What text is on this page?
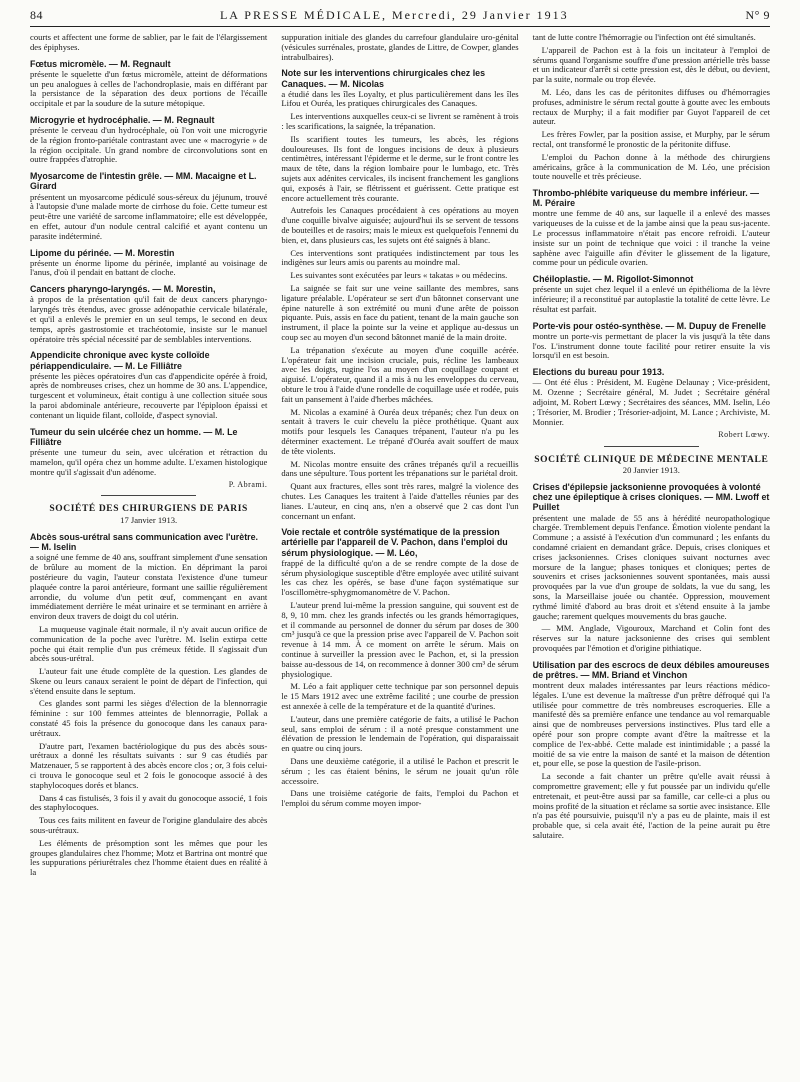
84	LA PRESSE MÉDICALE, Mercredi, 29 Janvier 1913	N° 9

courts et affectent une forme de sablier, par le fait de l'élargissement des épiphyses.

Fœtus micromèle. — M. Regnault

présente le squelette d'un fœtus micromèle, atteint de déformations un peu analogues à celles de l'achondroplasie, mais en différant par la persistance de la séparation des deux portions de l'écaille occipitale et par la soudure de la suture métopique.

Microgyrie et hydrocéphalie. — M. Regnault

présente le cerveau d'un hydrocéphale, où l'on voit une microgyrie de la région fronto-pariétale contrastant avec une « macrogyrie » de la région occipitale. Un grand nombre de circonvolutions sont en outre frappées d'atrophie.

Myosarcome de l'intestin grêle. — MM. Macaigne et L. Girard

présentent un myosarcome pédiculé sous-séreux du jéjunum, trouvé à l'autopsie d'une malade morte de cirrhose du foie. Cette tumeur est peut-être une variété de sarcome inflammatoire; elle est développée, en effet, autour d'un nodule central calcifié et ayant contenu un parasite indéterminé.

Lipome du périnée. — M. Morestin

présente un énorme lipome du périnée, implanté au voisinage de l'anus, d'où il pendait en battant de cloche.

Cancers pharyngo-laryngés. — M. Morestin,

à propos de la présentation qu'il fait de deux cancers pharyngo-laryngés très étendus, avec grosse adénopathie cervicale bilatérale, et qu'il a enlevés le premier en un seul temps, le second en deux temps, après gastrostomie et trachéotomie, insiste sur le manuel opératoire très spécial nécessité par de semblables interventions.

Appendicite chronique avec kyste colloïde périappendiculaire. — M. Le Filliâtre

présente les pièces opératoires d'un cas d'appendicite opérée à froid, après de nombreuses crises, chez un homme de 30 ans. L'appendice, turgescent et volumineux, était contigu à une collection située sous la paroi abdominale antérieure, recouverte par l'épiploon épaissi et contenant un liquide filant, colloïde, d'aspect synovial.

Tumeur du sein ulcérée chez un homme. — M. Le Filliâtre

présente une tumeur du sein, avec ulcération et rétraction du mamelon, qu'il opéra chez un homme adulte. L'examen histologique montre qu'il s'agissait d'un adénome.

P. Abrami.
SOCIÉTÉ DES CHIRURGIENS DE PARIS
17 Janvier 1913.
Abcès sous-urétral sans communication avec l'urètre. — M. Iselin

a soigné une femme de 40 ans, souffrant simplement d'une sensation de brûlure au moment de la miction. En déprimant la paroi postérieure du vagin, l'auteur constata l'existence d'une tumeur plaquée contre la paroi antérieure, formant une saillie régulièrement arrondie, du volume d'un petit œuf, commençant en avant immédiatement derrière le méat urinaire et se terminant en arrière à environ deux travers de doigt du col utérin.

La muqueuse vaginale était normale, il n'y avait aucun orifice de communication de la poche avec l'urètre. M. Iselin extirpa cette poche qui était remplie d'un pus crémeux fétide. Il s'agissait d'un abcès sous-urétral.

L'auteur fait une étude complète de la question. Les glandes de Skene ou leurs canaux seraient le point de départ de l'infection, qui s'étend ensuite dans le septum.

Ces glandes sont parmi les sièges d'élection de la blennorragie féminine : sur 100 femmes atteintes de blennorragie, Pollak a constaté 45 fois la présence du gonocoque dans les canaux para-urétraux.

D'autre part, l'examen bactériologique du pus des abcès sous-urétraux a donné les résultats suivants : sur 9 cas étudiés par Matzenauer, 5 se rapportent à des abcès encore clos ; or, 3 fois celui-ci trouva le gonocoque seul et 2 fois le gonocoque associé à des staphylocoques dorés et blancs.

Dans 4 cas fistulisés, 3 fois il y avait du gonocoque associé, 1 fois des staphylocoques.

Tous ces faits militent en faveur de l'origine glandulaire des abcès sous-urétraux.

Les éléments de présomption sont les mêmes que pour les groupes glandulaires chez l'homme; Motz et Bartrina ont montré que les suppurations périurétrales chez l'homme étaient dues en réalité à la

suppuration initiale des glandes du carrefour glandulaire uro-génital (vésicules surrénales, prostate, glandes de Littre, de Cowper, glandes intrabulbaires).

Note sur les interventions chirurgicales chez les Canaques. — M. Nicolas

a étudié dans les îles Loyalty, et plus particulièrement dans les îles Lifou et Ouréa, les pratiques chirurgicales des Canaques.

Les interventions auxquelles ceux-ci se livrent se ramènent à trois : les scarifications, la saignée, la trépanation.

Ils scarifient toutes les tumeurs, les abcès, les régions douloureuses. Ils font de longues incisions de deux à plusieurs centimètres, intéressant l'épiderme et le derme, sur le front contre les maux de tête, dans la région lombaire pour le lumbago, etc. Très sujets aux adénites cervicales, ils incisent franchement les ganglions qui, exposés à l'air, se flétrissent et guérissent. Cette pratique est encore actuellement très courante.

Autrefois les Canaques procédaient à ces opérations au moyen d'une coquille bivalve aiguisée; aujourd'hui ils se servent de tessons de bouteilles et de rasoirs; mais le mieux est quelquefois l'ennemi du bien, et, dans plusieurs cas, les sujets ont été saignés à blanc.

Ces interventions sont pratiquées indistinctement par tous les indigènes sur leurs amis ou parents au moindre mal.

Les suivantes sont exécutées par leurs « takatas » ou médecins.

La saignée se fait sur une veine saillante des membres, sans ligature préalable. L'opérateur se sert d'un bâtonnet conservant une épine naturelle à son extrémité ou muni d'une arête de poisson piquante. Puis, assis en face du patient, tenant de la main gauche son instrument, il place la pointe sur la veine et applique au-dessus un coup sec au moyen d'un second bâtonnet manié de la main droite.

La trépanation s'exécute au moyen d'une coquille acérée. L'opérateur fait une incision cruciale, puis, récline les lambeaux avec les doigts, rugine l'os au moyen d'un coquillage coupant et aiguisé. L'opérateur, quand il a mis à nu les enveloppes du cerveau, obture le trou à l'aide d'une rondelle de coquillage usée et rodée, puis fait un pansement à l'aide d'herbes mâchées.

M. Nicolas a examiné à Ouréa deux trépanés; chez l'un deux on sentait à travers le cuir chevelu la pièce prothétique. Quant aux motifs pour lesquels les Canaques trépanent, l'auteur n'a pu les déterminer exactement. Le trépané d'Ouréa avait souffert de maux de tête violents.

M. Nicolas montre ensuite des crânes trépanés qu'il a recueillis dans une sépulture. Tous portent les trépanations sur le pariétal droit.

Quant aux fractures, elles sont très rares, malgré la violence des chutes. Les Canaques les traitent à l'aide d'attelles réunies par des lianes. L'auteur, en cinq ans, n'en a observé que 2 cas dont l'un concernant un enfant.

Voie rectale et contrôle systématique de la pression artérielle par l'appareil de V. Pachon, dans l'emploi du sérum physiologique. — M. Léo,

frappé de la difficulté qu'on a de se rendre compte de la dose de sérum physiologique susceptible d'être employée avec utilité suivant les cas chez les opérés, se base d'une façon systématique sur l'oscillomètre-sphygmomanomètre de V. Pachon.

L'auteur prend lui-même la pression sanguine, qui souvent est de 8, 9, 10 mm. chez les grands infectés ou les grands hémorragiques, et il commande au personnel de donner du sérum par doses de 300 cm³ jusqu'à ce que la pression prise avec l'appareil de V. Pachon soit revenue à 14 mm. À ce moment on arrête le sérum. Mais on continue à surveiller la pression avec le Pachon, et, si la pression baisse au-dessous de 14, on recommence à donner 300 cm³ de sérum physiologique.

M. Léo a fait appliquer cette technique par son personnel depuis le 15 Mars 1912 avec une extrême facilité ; une courbe de pression est annexée à celle de la température et de la quantité d'urines.

L'auteur, dans une première catégorie de faits, a utilisé le Pachon seul, sans emploi de sérum : il a noté presque constamment une élévation de pression le lendemain de l'opération, qui disparaissait en quatre ou cinq jours.

Dans une deuxième catégorie, il a utilisé le Pachon et prescrit le sérum ; les cas étaient bénins, le sérum ne jouait qu'un rôle accessoire.

Dans une troisième catégorie de faits, l'emploi du Pachon et l'emploi du sérum comme moyen impor-

tant de lutte contre l'hémorragie ou l'infection ont été simultanés.

L'appareil de Pachon est à la fois un incitateur à l'emploi de sérums quand l'organisme souffre d'une pression artérielle très basse et un indicateur d'arrêt si cette pression est, dès le début, ou devient, par la suite, normale ou trop élevée.

M. Léo, dans les cas de péritonites diffuses ou d'hémorragies profuses, administre le sérum rectal goutte à goutte avec les embouts rectaux de Murphy; il a fait modifier par Guyot l'appareil de cet auteur.

Les frères Fowler, par la position assise, et Murphy, par le sérum rectal, ont transformé le pronostic de la péritonite diffuse.

L'emploi du Pachon donne à la méthode des chirurgiens américains, grâce à la communication de M. Léo, une précision toute nouvelle et très précieuse.

Thrombo-phlébite variqueuse du membre inférieur. — M. Péraire

montre une femme de 40 ans, sur laquelle il a enlevé des masses variqueuses de la cuisse et de la jambe ainsi que la peau sus-jacente. Le processus inflammatoire n'était pas encore refroidi. L'auteur insiste sur un point de technique que voici : il tranche la veine saphène avec l'aiguille afin d'éviter le glissement de la ligature, comme pour un pédicule ovarien.

Chéiloplastie. — M. Rigollot-Simonnot

présente un sujet chez lequel il a enlevé un épithélioma de la lèvre inférieure; il a reconstitué par autoplastie la totalité de cette lèvre. Le résultat est parfait.

Porte-vis pour ostéo-synthèse. — M. Dupuy de Frenelle

montre un porte-vis permettant de placer la vis jusqu'à la tête dans l'os. L'instrument donne toute facilité pour retirer ensuite la vis lorsqu'il en est besoin.

Elections du bureau pour 1913.

— Ont été élus : Président, M. Eugène Delaunay ; Vice-président, M. Ozenne ; Secrétaire général, M. Judet ; Secrétaire général adjoint, M. Robert Lœwy ; Secrétaires des séances, MM. Iselin, Léo ; Trésorier, M. Brodier ; Trésorier-adjoint, M. Lance ; Archiviste, M. Monnier.

Robert Lœwy.
SOCIÉTÉ CLINIQUE DE MÉDECINE MENTALE
20 Janvier 1913.
Crises d'épilepsie jacksonienne provoquées à volonté chez une épileptique à crises cloniques. — MM. Lwoff et Puillet

présentent une malade de 55 ans à hérédité neuropathologique chargée. Tremblement depuis l'enfance. Émotion violente pendant la Commune ; a assisté à l'exécution d'un communard ; les enfants du condamné criaient en demandant grâce. Depuis, crises cloniques et crises jacksoniennes. Crises cloniques suivant nocturnes avec morsure de la langue; phases toniques et cloniques; pertes de souvenirs et crises jacksoniennes souvent spontanées, mais aussi provoquées par la vue d'un groupe de soldats, la vue du sang, les sons, la Marseillaise jouée ou chantée. Oppression, mouvement rythmé limité d'abord au bras droit et s'étend ensuite à la jambe gauche; rarement quelques mouvements du bras gauche.

— MM. Anglade, Vigouroux, Marchand et Colin font des réserves sur la nature jacksonienne des crises qui semblent provoquées par l'émotion et d'origine pithiatique.

Utilisation par des escrocs de deux débiles amoureuses de prêtres. — MM. Briand et Vinchon

montrent deux malades intéressantes par leurs réactions médico-légales. L'une est devenue la maîtresse d'un prêtre défroqué qui l'a utilisée pour commettre de très nombreuses escroqueries. Elle a manifesté dès sa première enfance une tendance au vol remarquable ainsi que de nombreuses perversions instinctives. Plus tard elle a opéré pour son propre compte avant d'être la maîtresse et la complice de l'ex-abbé. Cette malade est inintimidable ; a passé la moitié de sa vie entre la maison de santé et la maison de détention et, pour elle, se pose la question de l'asile-prison.

La seconde a fait chanter un prêtre qu'elle avait réussi à compromettre gravement; elle y fut poussée par un individu qu'elle entretenait, et peut-être aussi par sa famille, car celle-ci a plus ou moins profité de la situation et réclame sa sortie avec insistance. Elle n'a pas été poursuivie, puisqu'il n'y a pas eu de plainte, mais il est probable que, si cela avait été, l'action de la peine aurait pu être salutaire.
